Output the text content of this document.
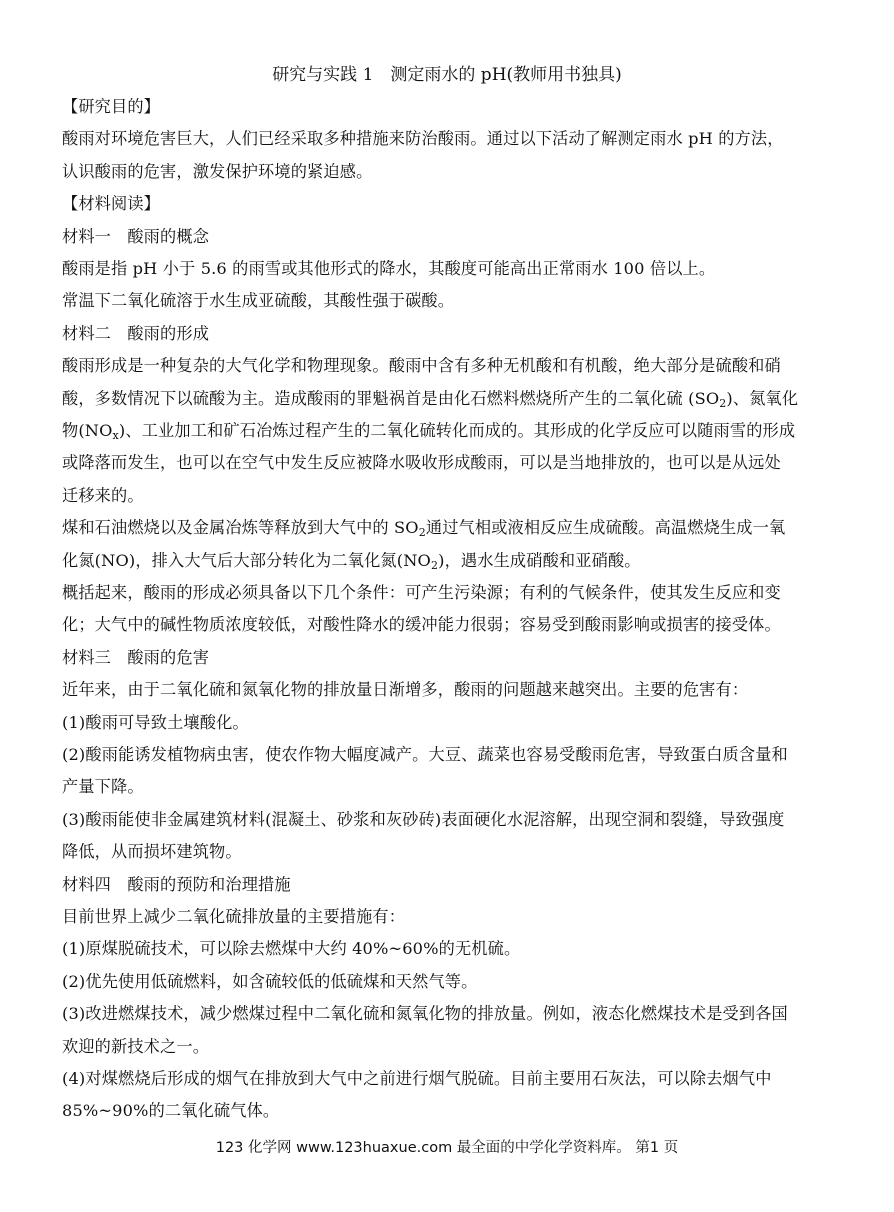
研究与实践 1　测定雨水的 pH(教师用书独具)
【研究目的】
酸雨对环境危害巨大，人们已经采取多种措施来防治酸雨。通过以下活动了解测定雨水 pH 的方法，
认识酸雨的危害，激发保护环境的紧迫感。
【材料阅读】
材料一　酸雨的概念
酸雨是指 pH 小于 5.6 的雨雪或其他形式的降水，其酸度可能高出正常雨水 100 倍以上。
常温下二氧化硫溶于水生成亚硫酸，其酸性强于碳酸。
材料二　酸雨的形成
酸雨形成是一种复杂的大气化学和物理现象。酸雨中含有多种无机酸和有机酸，绝大部分是硫酸和硝
酸，多数情况下以硫酸为主。造成酸雨的罪魁祸首是由化石燃料燃烧所产生的二氧化硫 $(SO_2)$、氮氧化
物$(NO_x)$、工业加工和矿石冶炼过程产生的二氧化硫转化而成的。其形成的化学反应可以随雨雪的形成
或降落而发生，也可以在空气中发生反应被降水吸收形成酸雨，可以是当地排放的，也可以是从远处
迁移来的。
煤和石油燃烧以及金属冶炼等释放到大气中的 $SO_2$通过气相或液相反应生成硫酸。高温燃烧生成一氧
化氮(NO)，排入大气后大部分转化为二氧化氮$(NO_2)$，遇水生成硝酸和亚硝酸。
概括起来，酸雨的形成必须具备以下几个条件：可产生污染源；有利的气候条件，使其发生反应和变
化；大气中的碱性物质浓度较低，对酸性降水的缓冲能力很弱；容易受到酸雨影响或损害的接受体。
材料三　酸雨的危害
近年来，由于二氧化硫和氮氧化物的排放量日渐增多，酸雨的问题越来越突出。主要的危害有：
(1)酸雨可导致土壤酸化。
(2)酸雨能诱发植物病虫害，使农作物大幅度减产。大豆、蔬菜也容易受酸雨危害，导致蛋白质含量和
产量下降。
(3)酸雨能使非金属建筑材料(混凝土、砂浆和灰砂砖)表面硬化水泥溶解，出现空洞和裂缝，导致强度
降低，从而损坏建筑物。
材料四　酸雨的预防和治理措施
目前世界上减少二氧化硫排放量的主要措施有：
(1)原煤脱硫技术，可以除去燃煤中大约 40%~60%的无机硫。
(2)优先使用低硫燃料，如含硫较低的低硫煤和天然气等。
(3)改进燃煤技术，减少燃煤过程中二氧化硫和氮氧化物的排放量。例如，液态化燃煤技术是受到各国
欢迎的新技术之一。
(4)对煤燃烧后形成的烟气在排放到大气中之前进行烟气脱硫。目前主要用石灰法，可以除去烟气中
85%~90%的二氧化硫气体。
123 化学网 www.123huaxue.com 最全面的中学化学资料库。 第1 页
